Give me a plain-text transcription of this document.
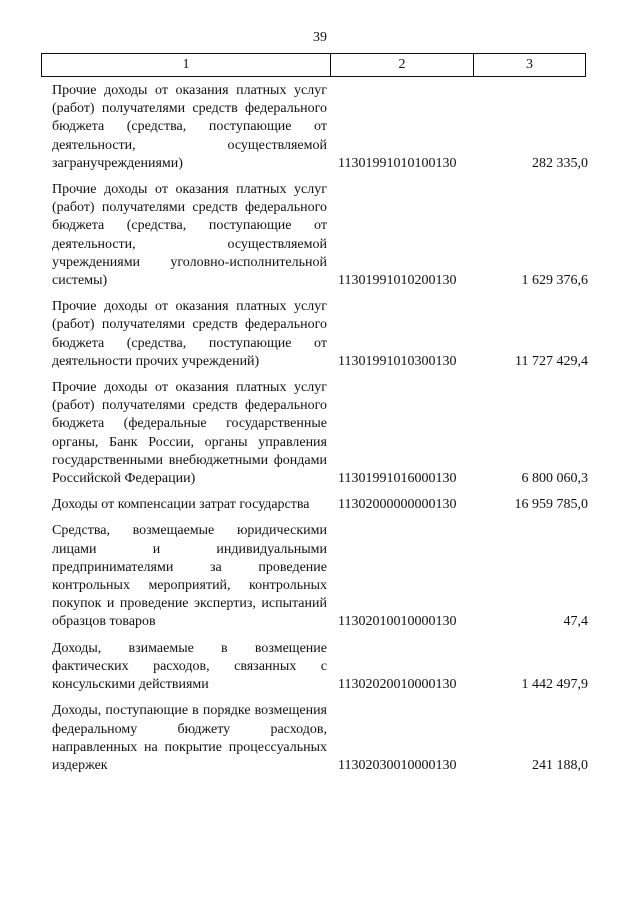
39
1	2	3
Прочие доходы от оказания платных услуг (работ) получателями средств федерального бюджета (средства, поступающие от деятельности, осуществляемой загранучреждениями)	11301991010100130	282 335,0
Прочие доходы от оказания платных услуг (работ) получателями средств федерального бюджета (средства, поступающие от деятельности, осуществляемой учреждениями уголовно-исполнительной системы)	11301991010200130	1 629 376,6
Прочие доходы от оказания платных услуг (работ) получателями средств федерального бюджета (средства, поступающие от деятельности прочих учреждений)	11301991010300130	11 727 429,4
Прочие доходы от оказания платных услуг (работ) получателями средств федерального бюджета (федеральные государственные органы, Банк России, органы управления государственными внебюджетными фондами Российской Федерации)	11301991016000130	6 800 060,3
Доходы от компенсации затрат государства	11302000000000130	16 959 785,0
Средства, возмещаемые юридическими лицами и индивидуальными предпринимателями за проведение контрольных мероприятий, контрольных покупок и проведение экспертиз, испытаний образцов товаров	11302010010000130	47,4
Доходы, взимаемые в возмещение фактических расходов, связанных с консульскими действиями	11302020010000130	1 442 497,9
Доходы, поступающие в порядке возмещения федеральному бюджету расходов, направленных на покрытие процессуальных издержек	11302030010000130	241 188,0
